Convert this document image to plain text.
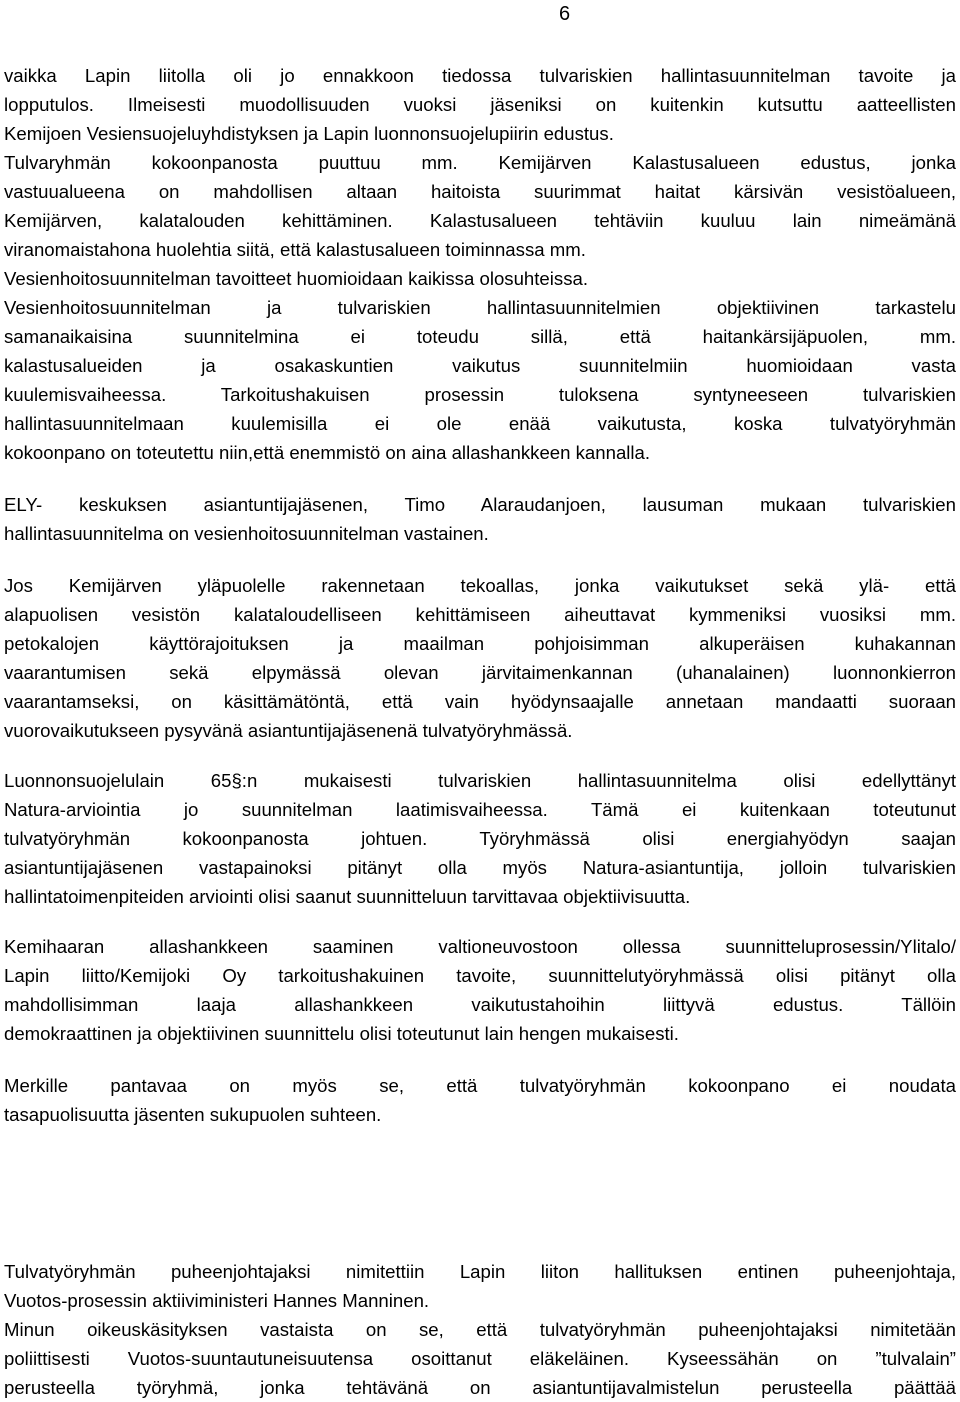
6
vaikka Lapin liitolla oli jo ennakkoon tiedossa tulvariskien hallintasuunnitelman tavoite ja
lopputulos. Ilmeisesti muodollisuuden vuoksi jäseniksi on kuitenkin kutsuttu aatteellisten
Kemijoen Vesiensuojeluyhdistyksen ja Lapin luonnonsuojelupiirin edustus.
Tulvaryhmän kokoonpanosta puuttuu mm. Kemijärven Kalastusalueen edustus, jonka
vastuualueena on mahdollisen altaan haitoista suurimmat haitat kärsivän vesistöalueen,
Kemijärven, kalatalouden kehittäminen. Kalastusalueen tehtäviin kuuluu lain nimeämänä
viranomaistahona huolehtia siitä, että kalastusalueen toiminnassa mm.
Vesienhoitosuunnitelman tavoitteet huomioidaan kaikissa olosuhteissa.
Vesienhoitosuunnitelman ja tulvariskien hallintasuunnitelmien objektiivinen tarkastelu
samanaikaisina suunnitelmina ei toteudu sillä, että haitankärsijäpuolen, mm.
kalastusalueiden ja osakaskuntien vaikutus suunnitelmiin huomioidaan vasta
kuulemisvaiheessa. Tarkoitushakuisen prosessin tuloksena syntyneeseen tulvariskien
hallintasuunnitelmaan kuulemisilla ei ole enää vaikutusta, koska tulvatyöryhmän
kokoonpano on toteutettu niin,että enemmistö on aina allashankkeen kannalla.
ELY- keskuksen asiantuntijajäsenen, Timo Alaraudanjoen, lausuman mukaan tulvariskien
hallintasuunnitelma on vesienhoitosuunnitelman vastainen.
Jos Kemijärven yläpuolelle rakennetaan tekoallas, jonka vaikutukset sekä ylä- että
alapuolisen vesistön kalataloudelliseen kehittämiseen aiheuttavat kymmeniksi vuosiksi mm.
petokalojen käyttörajoituksen ja maailman pohjoisimman alkuperäisen kuhakannan
vaarantumisen sekä elpymässä olevan järvitaimenkannan (uhanalainen) luonnonkierron
vaarantamseksi, on käsittämätöntä, että vain hyödynsaajalle annetaan mandaatti suoraan
vuorovaikutukseen pysyvänä asiantuntijajäsenenä tulvatyöryhmässä.
Luonnonsuojelulain 65§:n mukaisesti tulvariskien hallintasuunnitelma olisi edellyttänyt
Natura-arviointia jo suunnitelman laatimisvaiheessa. Tämä ei kuitenkaan toteutunut
tulvatyöryhmän kokoonpanosta johtuen. Työryhmässä olisi energiahyödyn saajan
asiantuntijajäsenen vastapainoksi pitänyt olla myös Natura-asiantuntija, jolloin tulvariskien
hallintatoimenpiteiden arviointi olisi saanut suunnitteluun tarvittavaa objektiivisuutta.
Kemihaaran allashankkeen saaminen valtioneuvostoon ollessa suunnitteluprosessin/Ylitalo/
Lapin liitto/Kemijoki Oy tarkoitushakuinen tavoite, suunnittelutyöryhmässä olisi pitänyt olla
mahdollisimman laaja allashankkeen vaikutustahoihin liittyvä edustus. Tällöin
demokraattinen ja objektiivinen suunnittelu olisi toteutunut lain hengen mukaisesti.
Merkille pantavaa on myös se, että tulvatyöryhmän kokoonpano ei noudata
tasapuolisuutta jäsenten sukupuolen suhteen.
Tulvatyöryhmän puheenjohtajaksi nimitettiin Lapin liiton hallituksen entinen puheenjohtaja,
Vuotos-prosessin aktiiviministeri Hannes Manninen.
Minun oikeuskäsityksen vastaista on se, että tulvatyöryhmän puheenjohtajaksi nimitetään
poliittisesti Vuotos-suuntautuneisuutensa osoittanut eläkeläinen. Kyseessähän on ”tulvalain”
perusteella työryhmä, jonka tehtävänä on asiantuntijavalmistelun perusteella päättää
